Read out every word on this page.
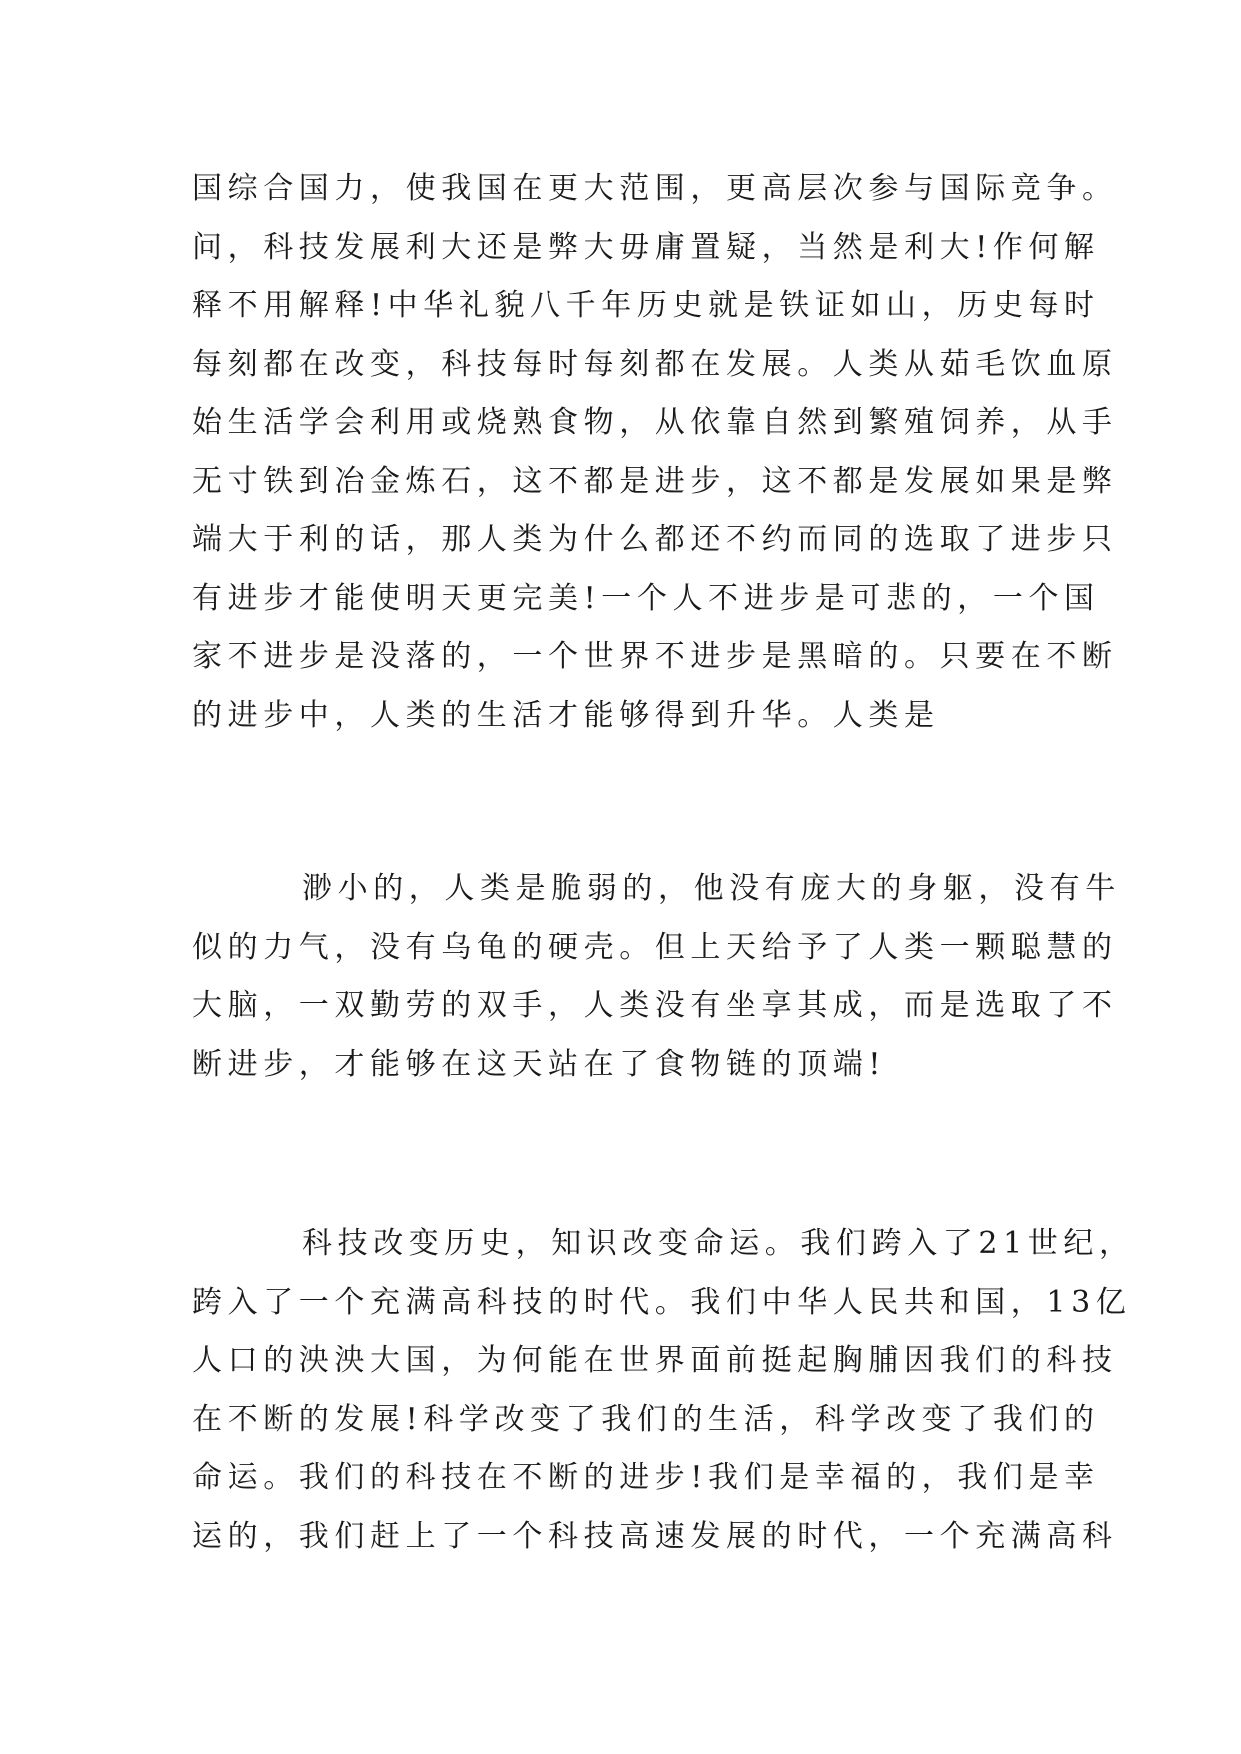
国综合国力，使我国在更大范围，更高层次参与国际竞争。
问，科技发展利大还是弊大毋庸置疑，当然是利大!作何解
释不用解释!中华礼貌八千年历史就是铁证如山，历史每时
每刻都在改变，科技每时每刻都在发展。人类从茹毛饮血原
始生活学会利用或烧熟食物，从依靠自然到繁殖饲养，从手
无寸铁到冶金炼石，这不都是进步，这不都是发展如果是弊
端大于利的话，那人类为什么都还不约而同的选取了进步只
有进步才能使明天更完美!一个人不进步是可悲的，一个国
家不进步是没落的，一个世界不进步是黑暗的。只要在不断
的进步中，人类的生活才能够得到升华。人类是
渺小的，人类是脆弱的，他没有庞大的身躯，没有牛
似的力气，没有乌龟的硬壳。但上天给予了人类一颗聪慧的
大脑，一双勤劳的双手，人类没有坐享其成，而是选取了不
断进步，才能够在这天站在了食物链的顶端!
科技改变历史，知识改变命运。我们跨入了21世纪，
跨入了一个充满高科技的时代。我们中华人民共和国，13亿
人口的泱泱大国，为何能在世界面前挺起胸脯因我们的科技
在不断的发展!科学改变了我们的生活，科学改变了我们的
命运。我们的科技在不断的进步!我们是幸福的，我们是幸
运的，我们赶上了一个科技高速发展的时代，一个充满高科
